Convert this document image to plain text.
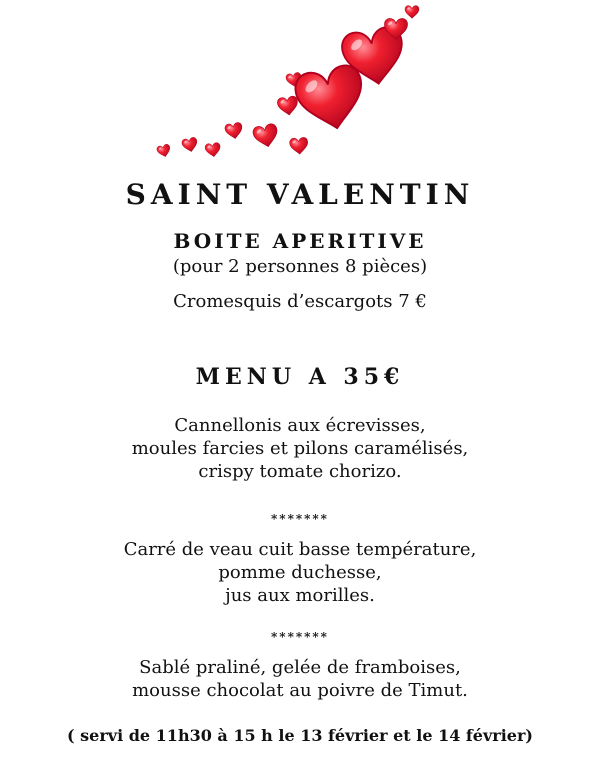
SAINT VALENTIN
BOITE APERITIVE
(pour 2 personnes 8 pièces)
Cromesquis d’escargots 7 €
MENU A 35€
Cannellonis aux écrevisses,
moules farcies et pilons caramélisés,
crispy tomate chorizo.
*******
Carré de veau cuit basse température,
pomme duchesse,
jus aux morilles.
*******
Sablé praliné, gelée de framboises,
mousse chocolat au poivre de Timut.
( servi de 11h30 à 15 h le 13 février et le 14 février)
